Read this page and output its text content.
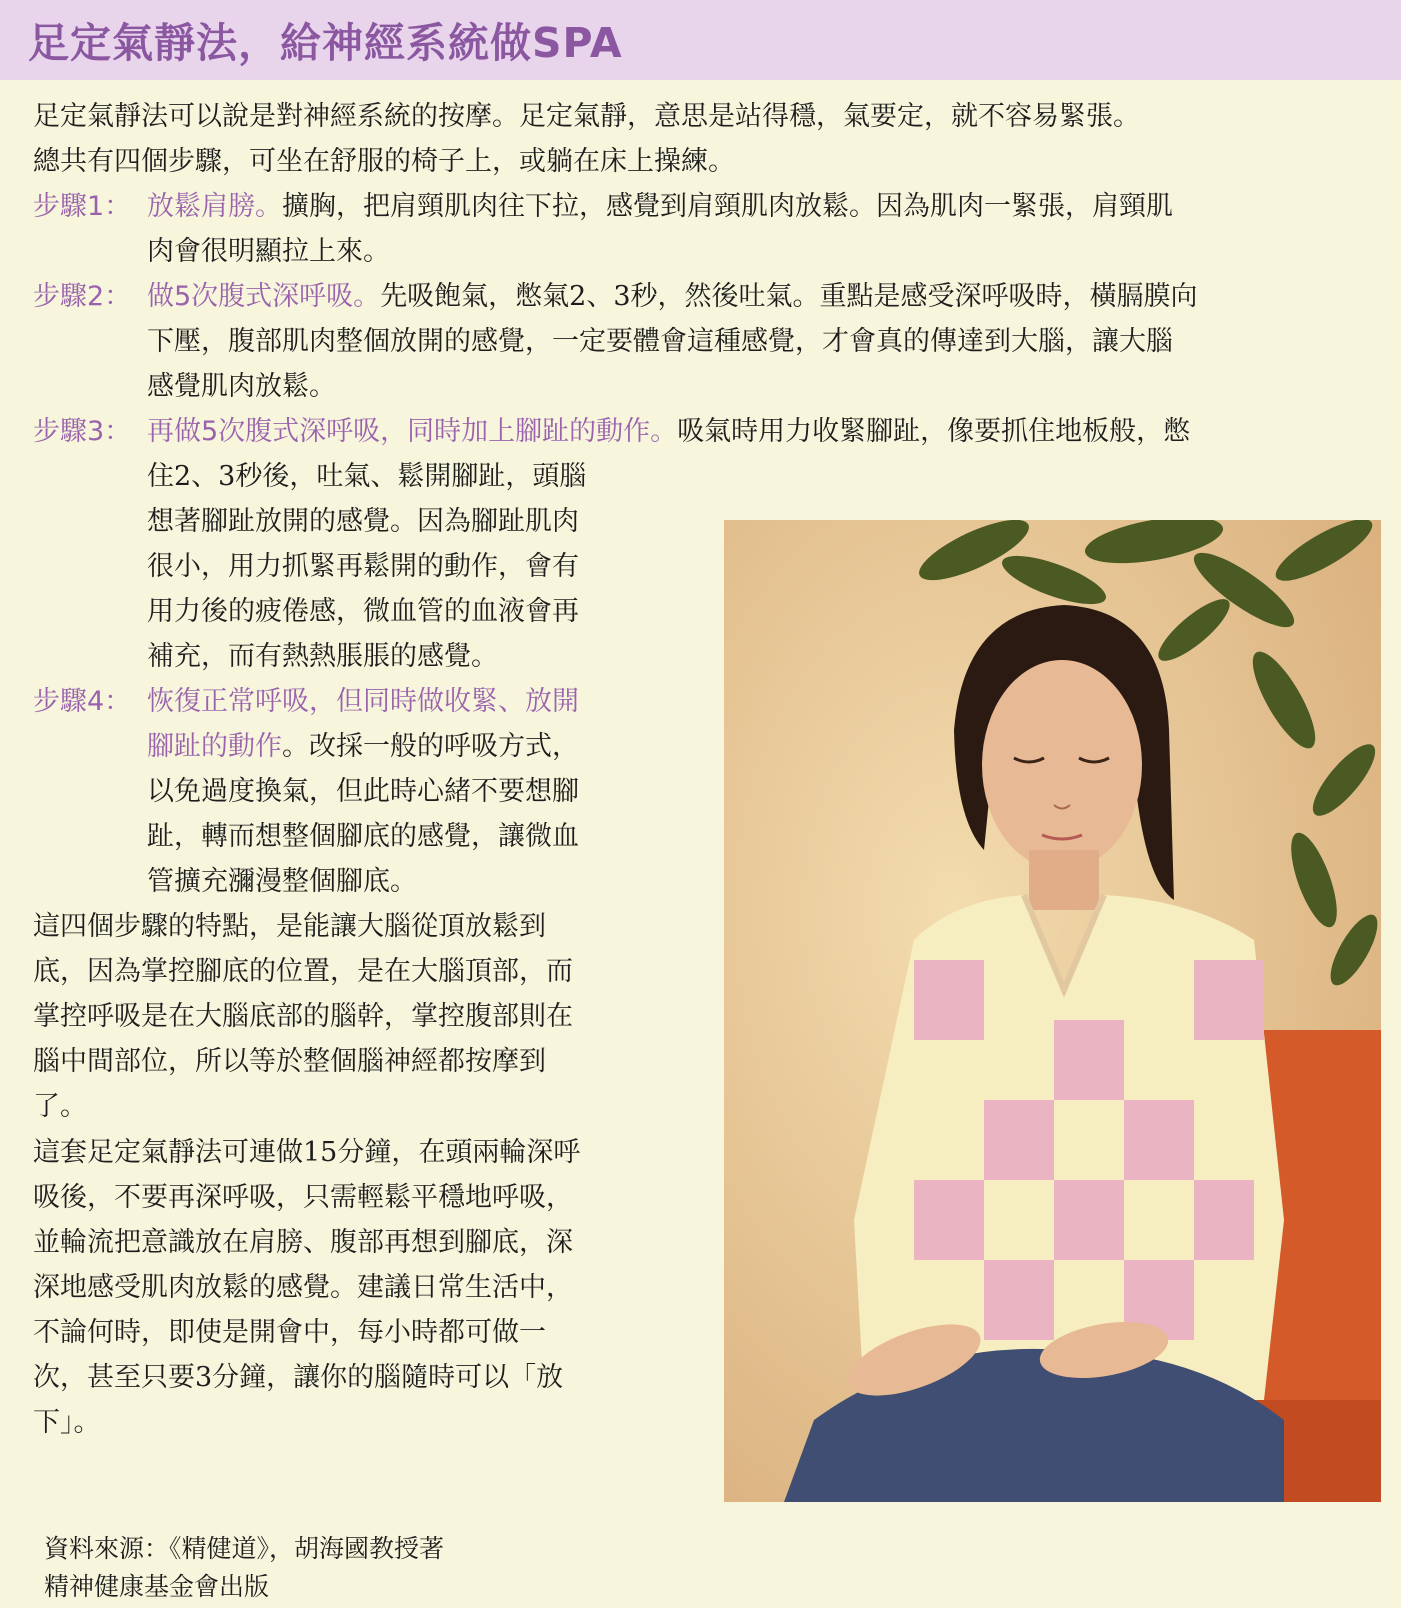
足定氣靜法，給神經系統做SPA
足定氣靜法可以說是對神經系統的按摩。足定氣靜，意思是站得穩，氣要定，就不容易緊張。
總共有四個步驟，可坐在舒服的椅子上，或躺在床上操練。
步驟1： 放鬆肩膀。擴胸，把肩頸肌肉往下拉，感覺到肩頸肌肉放鬆。因為肌肉一緊張，肩頸肌
肉會很明顯拉上來。
步驟2： 做5次腹式深呼吸。先吸飽氣，憋氣2、3秒，然後吐氣。重點是感受深呼吸時，橫膈膜向
下壓，腹部肌肉整個放開的感覺，一定要體會這種感覺，才會真的傳達到大腦，讓大腦
感覺肌肉放鬆。
步驟3： 再做5次腹式深呼吸，同時加上腳趾的動作。吸氣時用力收緊腳趾，像要抓住地板般，憋
住2、3秒後，吐氣、鬆開腳趾，頭腦
想著腳趾放開的感覺。因為腳趾肌肉
很小，用力抓緊再鬆開的動作，會有
用力後的疲倦感，微血管的血液會再
補充，而有熱熱脹脹的感覺。
步驟4： 恢復正常呼吸，但同時做收緊、放開
腳趾的動作。改採一般的呼吸方式，
以免過度換氣，但此時心緒不要想腳
趾，轉而想整個腳底的感覺，讓微血
管擴充瀰漫整個腳底。
這四個步驟的特點，是能讓大腦從頂放鬆到
底，因為掌控腳底的位置，是在大腦頂部，而
掌控呼吸是在大腦底部的腦幹，掌控腹部則在
腦中間部位，所以等於整個腦神經都按摩到
了。
這套足定氣靜法可連做15分鐘，在頭兩輪深呼
吸後，不要再深呼吸，只需輕鬆平穩地呼吸，
並輪流把意識放在肩膀、腹部再想到腳底，深
深地感受肌肉放鬆的感覺。建議日常生活中，
不論何時，即使是開會中，每小時都可做一
次，甚至只要3分鐘，讓你的腦隨時可以「放
下」。
資料來源：《精健道》，胡海國教授著
精神健康基金會出版
